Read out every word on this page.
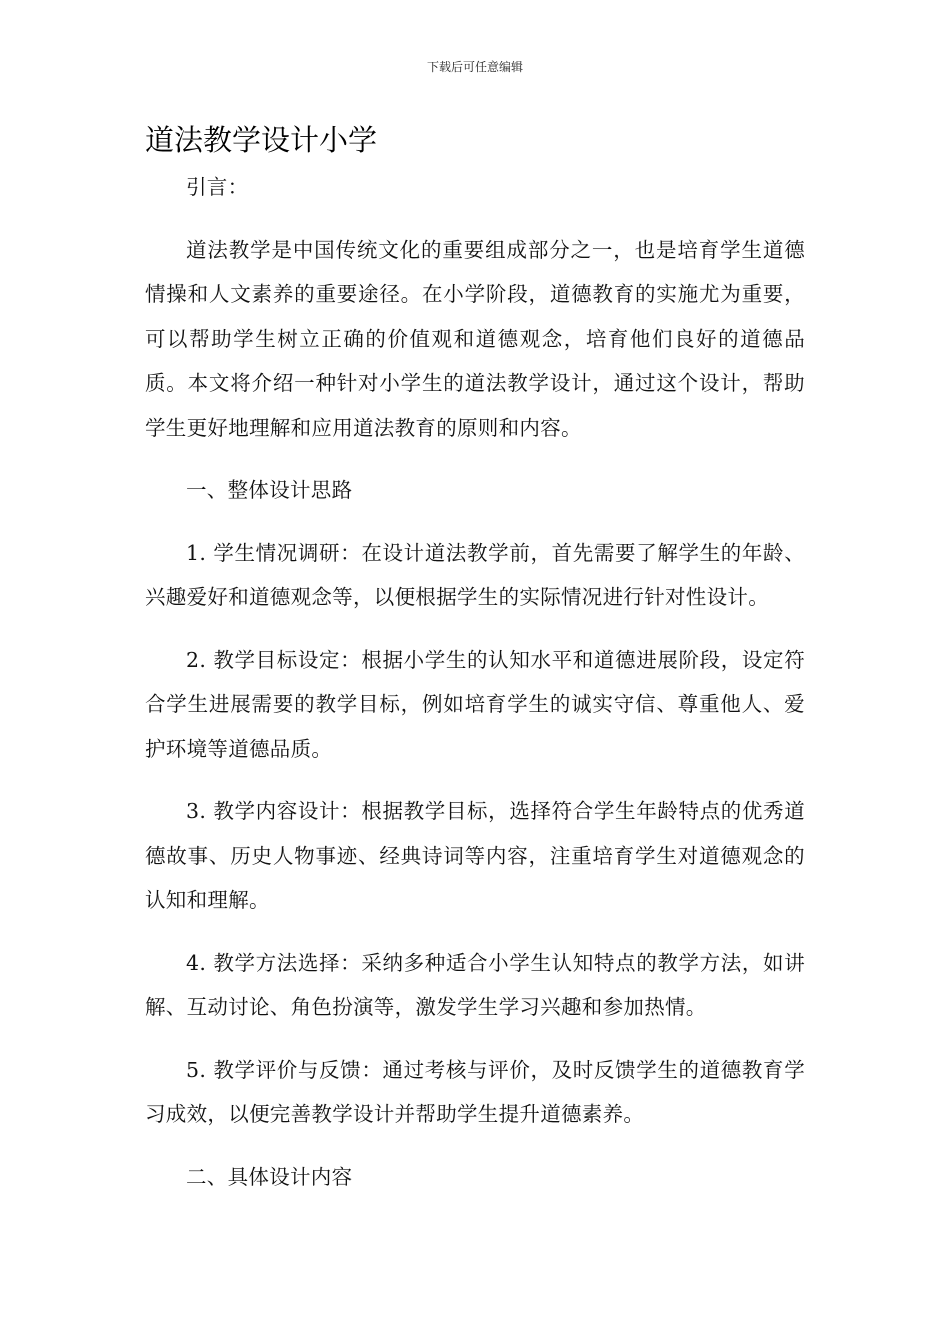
下载后可任意编辑
道法教学设计小学

引言：

道法教学是中国传统文化的重要组成部分之一，也是培育学生道德情操和人文素养的重要途径。在小学阶段，道德教育的实施尤为重要，可以帮助学生树立正确的价值观和道德观念，培育他们良好的道德品质。本文将介绍一种针对小学生的道法教学设计，通过这个设计，帮助学生更好地理解和应用道法教育的原则和内容。

一、整体设计思路

1. 学生情况调研：在设计道法教学前，首先需要了解学生的年龄、兴趣爱好和道德观念等，以便根据学生的实际情况进行针对性设计。

2. 教学目标设定：根据小学生的认知水平和道德进展阶段，设定符合学生进展需要的教学目标，例如培育学生的诚实守信、尊重他人、爱护环境等道德品质。

3. 教学内容设计：根据教学目标，选择符合学生年龄特点的优秀道德故事、历史人物事迹、经典诗词等内容，注重培育学生对道德观念的认知和理解。

4. 教学方法选择：采纳多种适合小学生认知特点的教学方法，如讲解、互动讨论、角色扮演等，激发学生学习兴趣和参加热情。

5. 教学评价与反馈：通过考核与评价，及时反馈学生的道德教育学习成效，以便完善教学设计并帮助学生提升道德素养。

二、具体设计内容
